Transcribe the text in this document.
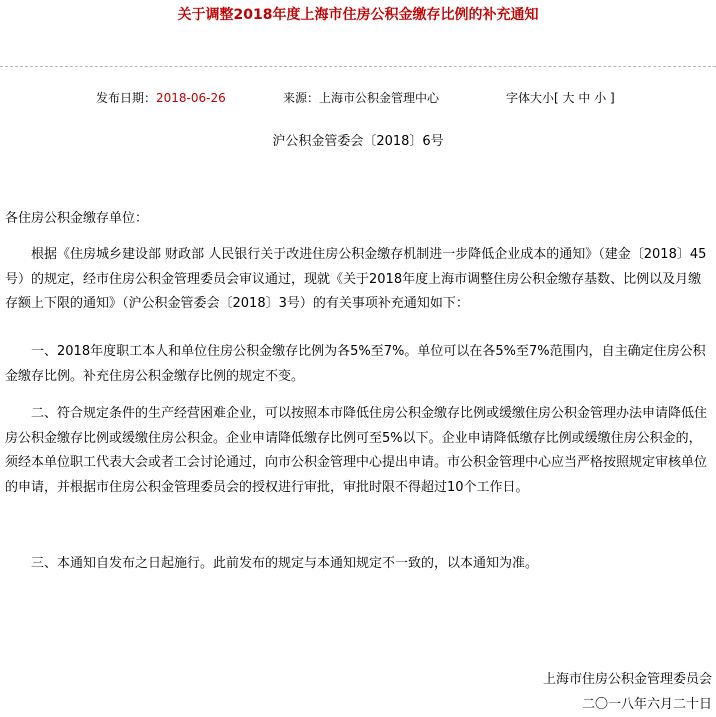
关于调整2018年度上海市住房公积金缴存比例的补充通知
发布日期：2018-06-26	来源：上海市公积金管理中心	字体大小[ 大 中 小 ]
沪公积金管委会〔2018〕6号
各住房公积金缴存单位：
根据《住房城乡建设部 财政部 人民银行关于改进住房公积金缴存机制进一步降低企业成本的通知》（建金〔2018〕45号）的规定，经市住房公积金管理委员会审议通过，现就《关于2018年度上海市调整住房公积金缴存基数、比例以及月缴存额上下限的通知》（沪公积金管委会〔2018〕3号）的有关事项补充通知如下：
一、2018年度职工本人和单位住房公积金缴存比例为各5%至7%。单位可以在各5%至7%范围内，自主确定住房公积金缴存比例。补充住房公积金缴存比例的规定不变。
二、符合规定条件的生产经营困难企业，可以按照本市降低住房公积金缴存比例或缓缴住房公积金管理办法申请降低住房公积金缴存比例或缓缴住房公积金。企业申请降低缴存比例可至5%以下。企业申请降低缴存比例或缓缴住房公积金的，须经本单位职工代表大会或者工会讨论通过，向市公积金管理中心提出申请。市公积金管理中心应当严格按照规定审核单位的申请，并根据市住房公积金管理委员会的授权进行审批，审批时限不得超过10个工作日。
三、本通知自发布之日起施行。此前发布的规定与本通知规定不一致的，以本通知为准。
上海市住房公积金管理委员会
二〇一八年六月二十日
